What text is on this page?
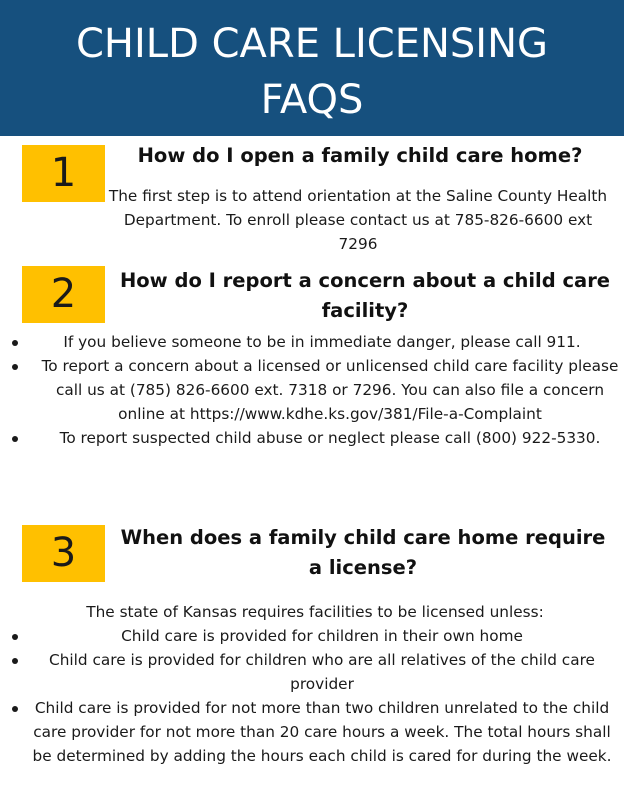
CHILD CARE LICENSING
FAQS
1	How do I open a family child care home?
The first step is to attend orientation at the Saline County Health Department. To enroll please contact us at 785-826-6600 ext 7296
2	How do I report a concern about a child care facility?
If you believe someone to be in immediate danger, please call 911.
To report a concern about a licensed or unlicensed child care facility please call us at (785) 826-6600 ext. 7318 or 7296. You can also file a concern online at https://www.kdhe.ks.gov/381/File-a-Complaint
To report suspected child abuse or neglect please call (800) 922-5330.
3	When does a family child care home require a license?
The state of Kansas requires facilities to be licensed unless:
Child care is provided for children in their own home
Child care is provided for children who are all relatives of the child care provider
Child care is provided for not more than two children unrelated to the child care provider for not more than 20 care hours a week. The total hours shall be determined by adding the hours each child is cared for during the week.
